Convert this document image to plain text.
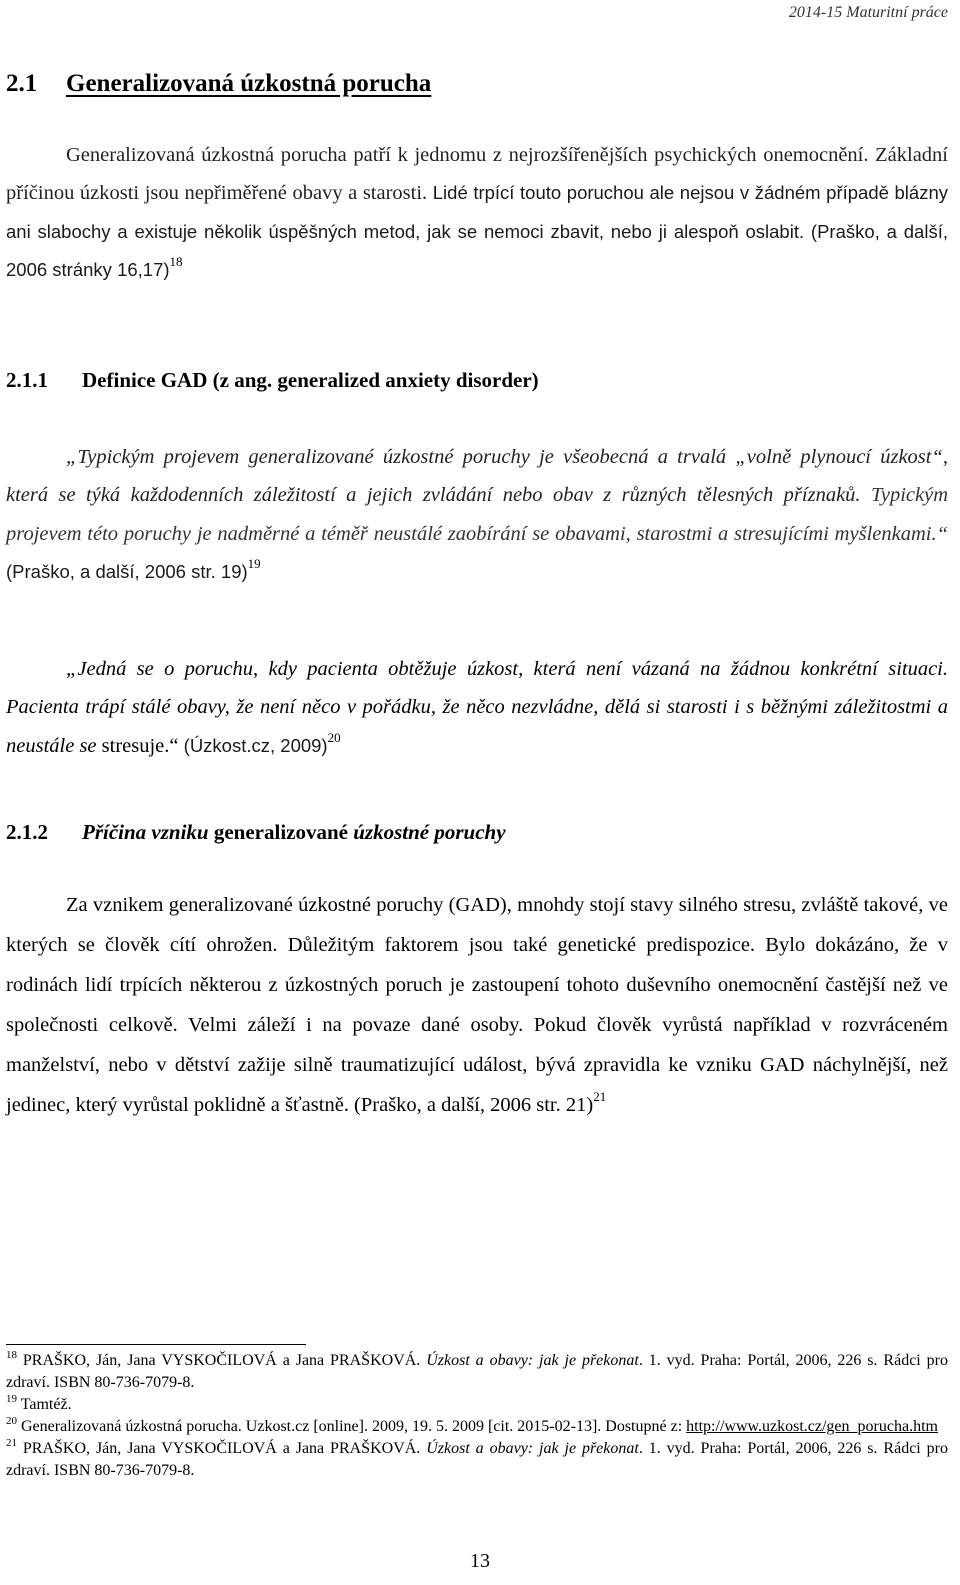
2014-15 Maturitní práce
2.1 Generalizovaná úzkostná porucha
Generalizovaná úzkostná porucha patří k jednomu z nejrozšířenějších psychických onemocnění. Základní příčinou úzkosti jsou nepřiměřené obavy a starosti. Lidé trpící touto poruchou ale nejsou v žádném případě blázny ani slabochy a existuje několik úspěšných metod, jak se nemoci zbavit, nebo ji alespoň oslabit. (Praško, a další, 2006 stránky 16,17)$^{18}$
2.1.1 Definice GAD (z ang. generalized anxiety disorder)
„Typickým projevem generalizované úzkostné poruchy je všeobecná a trvalá „volně plynoucí úzkost“, která se týká každodenních záležitostí a jejich zvládání nebo obav z různých tělesných příznaků. Typickým projevem této poruchy je nadměrné a téměř neustálé zaobírání se obavami, starostmi a stresujícími myšlenkami.“ (Praško, a další, 2006 str. 19)$^{19}$
„Jedná se o poruchu, kdy pacienta obtěžuje úzkost, která není vázaná na žádnou konkrétní situaci. Pacienta trápí stálé obavy, že není něco v pořádku, že něco nezvládne, dělá si starosti i s běžnými záležitostmi a neustále se stresuje.“ (Úzkost.cz, 2009)$^{20}$
2.1.2 Příčina vzniku generalizované úzkostné poruchy
Za vznikem generalizované úzkostné poruchy (GAD), mnohdy stojí stavy silného stresu, zvláště takové, ve kterých se člověk cítí ohrožen. Důležitým faktorem jsou také genetické predispozice. Bylo dokázáno, že v rodinách lidí trpících některou z úzkostných poruch je zastoupení tohoto duševního onemocnění častější než ve společnosti celkově. Velmi záleží i na povaze dané osoby. Pokud člověk vyrůstá například v rozvráceném manželství, nebo v dětství zažije silně traumatizující událost, bývá zpravidla ke vzniku GAD náchylnější, než jedinec, který vyrůstal poklidně a šťastně. (Praško, a další, 2006 str. 21)$^{21}$

$^{18}$ PRAŠKO, Ján, Jana VYSKOČILOVÁ a Jana PRAŠKOVÁ. Úzkost a obavy: jak je překonat. 1. vyd. Praha: Portál, 2006, 226 s. Rádci pro zdraví. ISBN 80-736-7079-8.

$^{19}$ Tamtéž.

$^{20}$ Generalizovaná úzkostná porucha. Uzkost.cz [online]. 2009, 19. 5. 2009 [cit. 2015-02-13]. Dostupné z: http://www.uzkost.cz/gen_porucha.htm

$^{21}$ PRAŠKO, Ján, Jana VYSKOČILOVÁ a Jana PRAŠKOVÁ. Úzkost a obavy: jak je překonat. 1. vyd. Praha: Portál, 2006, 226 s. Rádci pro zdraví. ISBN 80-736-7079-8.

13
